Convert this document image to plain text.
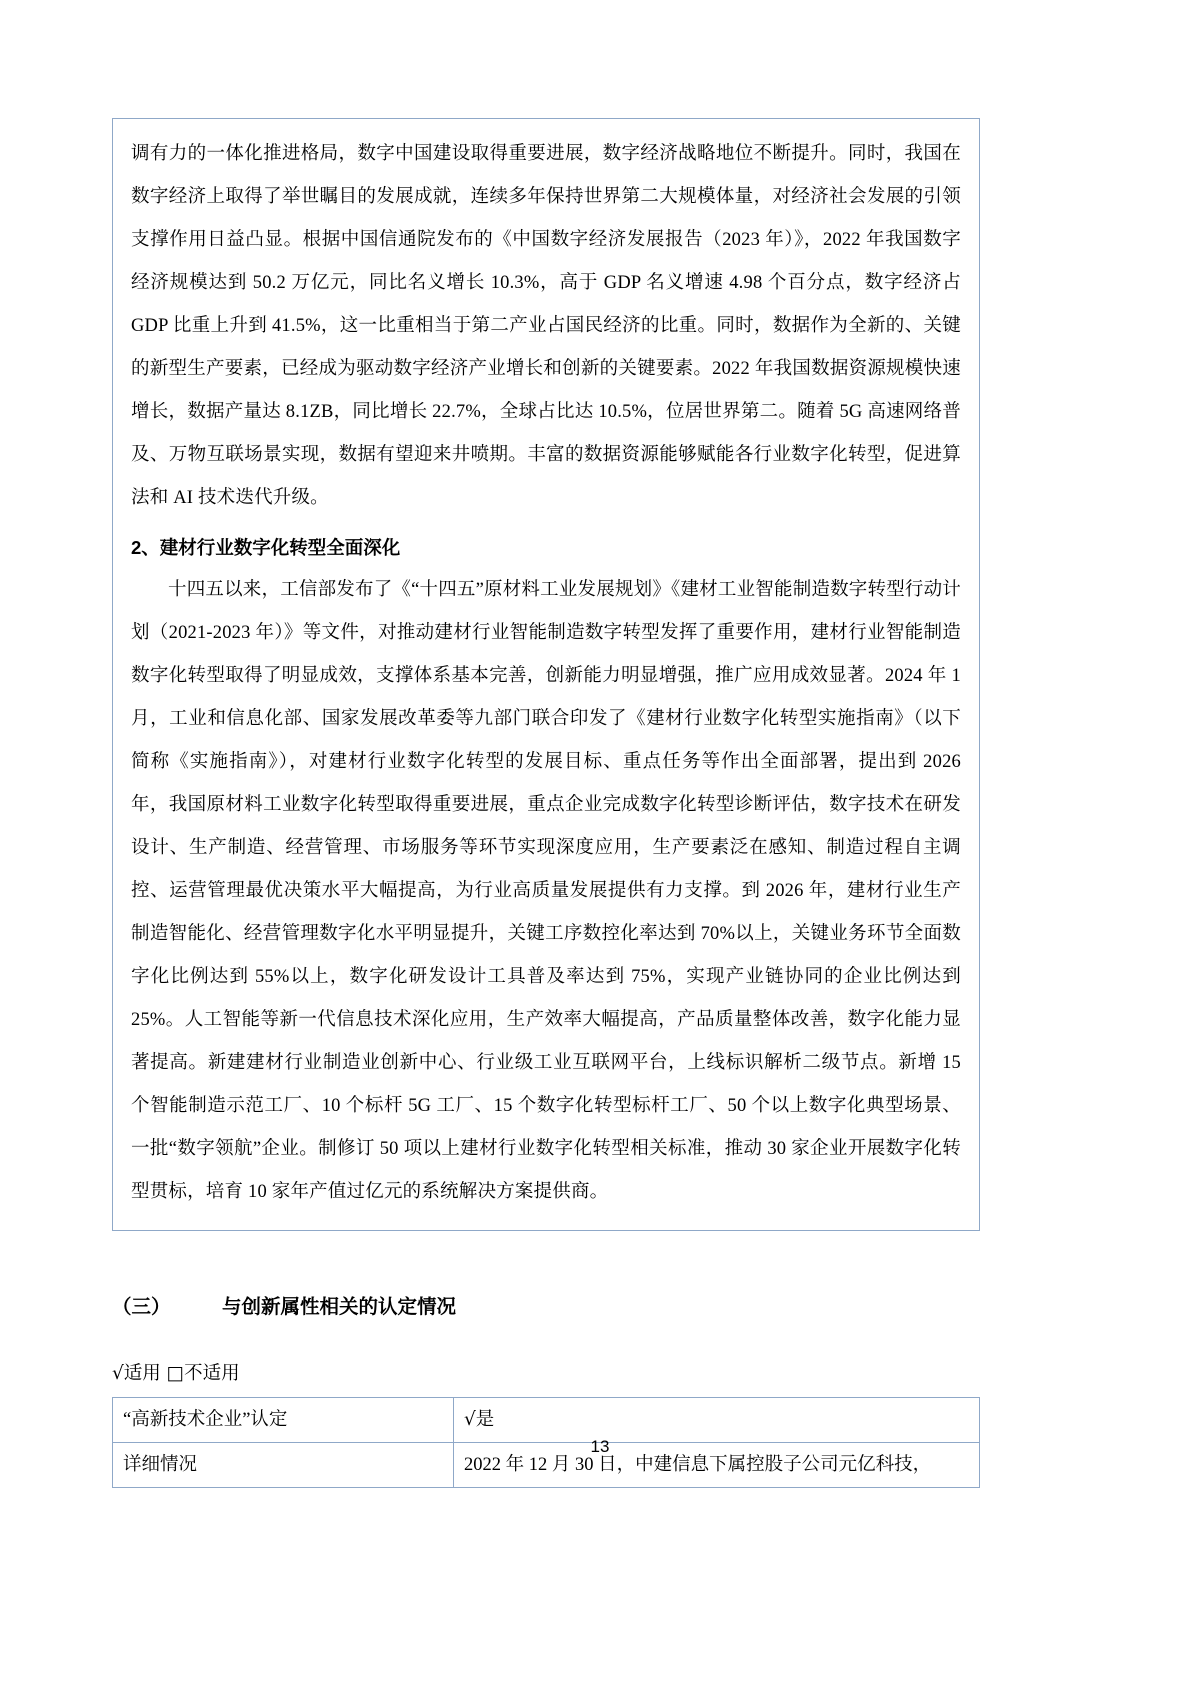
调有力的一体化推进格局，数字中国建设取得重要进展，数字经济战略地位不断提升。同时，我国在数字经济上取得了举世瞩目的发展成就，连续多年保持世界第二大规模体量，对经济社会发展的引领支撑作用日益凸显。根据中国信通院发布的《中国数字经济发展报告（2023 年）》，2022 年我国数字经济规模达到 50.2 万亿元，同比名义增长 10.3%，高于 GDP 名义增速 4.98 个百分点，数字经济占 GDP 比重上升到 41.5%，这一比重相当于第二产业占国民经济的比重。同时，数据作为全新的、关键的新型生产要素，已经成为驱动数字经济产业增长和创新的关键要素。2022 年我国数据资源规模快速增长，数据产量达 8.1ZB，同比增长 22.7%，全球占比达 10.5%，位居世界第二。随着 5G 高速网络普及、万物互联场景实现，数据有望迎来井喷期。丰富的数据资源能够赋能各行业数字化转型，促进算法和 AI 技术迭代升级。

2、建材行业数字化转型全面深化

十四五以来，工信部发布了《“十四五”原材料工业发展规划》《建材工业智能制造数字转型行动计划（2021-2023 年）》等文件，对推动建材行业智能制造数字转型发挥了重要作用，建材行业智能制造数字化转型取得了明显成效，支撑体系基本完善，创新能力明显增强，推广应用成效显著。2024 年 1 月，工业和信息化部、国家发展改革委等九部门联合印发了《建材行业数字化转型实施指南》（以下简称《实施指南》），对建材行业数字化转型的发展目标、重点任务等作出全面部署，提出到 2026 年，我国原材料工业数字化转型取得重要进展，重点企业完成数字化转型诊断评估，数字技术在研发设计、生产制造、经营管理、市场服务等环节实现深度应用，生产要素泛在感知、制造过程自主调控、运营管理最优决策水平大幅提高，为行业高质量发展提供有力支撑。到 2026 年，建材行业生产制造智能化、经营管理数字化水平明显提升，关键工序数控化率达到 70%以上，关键业务环节全面数字化比例达到 55%以上，数字化研发设计工具普及率达到 75%，实现产业链协同的企业比例达到 25%。人工智能等新一代信息技术深化应用，生产效率大幅提高，产品质量整体改善，数字化能力显著提高。新建建材行业制造业创新中心、行业级工业互联网平台，上线标识解析二级节点。新增 15 个智能制造示范工厂、10 个标杆 5G 工厂、15 个数字化转型标杆工厂、50 个以上数字化典型场景、一批“数字领航”企业。制修订 50 项以上建材行业数字化转型相关标准，推动 30 家企业开展数字化转型贯标，培育 10 家年产值过亿元的系统解决方案提供商。

（三）	与创新属性相关的认定情况

√适用 □不适用

“高新技术企业”认定	√是
详细情况	2022 年 12 月 30 日，中建信息下属控股子公司元亿科技，
13
